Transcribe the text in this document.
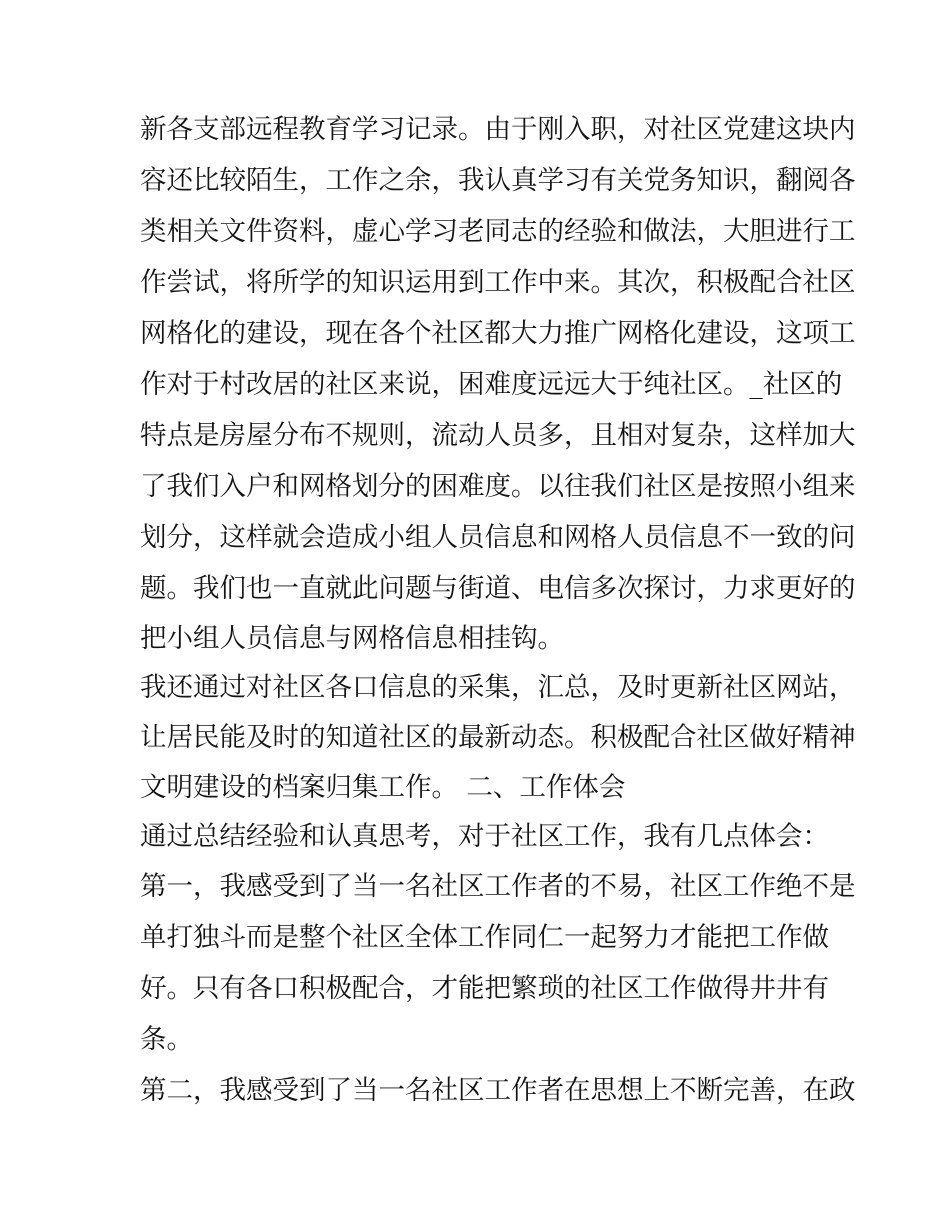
新各支部远程教育学习记录。由于刚入职，对社区党建这块内
容还比较陌生，工作之余，我认真学习有关党务知识，翻阅各
类相关文件资料，虚心学习老同志的经验和做法，大胆进行工
作尝试，将所学的知识运用到工作中来。其次，积极配合社区
网格化的建设，现在各个社区都大力推广网格化建设，这项工
作对于村改居的社区来说，困难度远远大于纯社区。_社区的
特点是房屋分布不规则，流动人员多，且相对复杂，这样加大
了我们入户和网格划分的困难度。以往我们社区是按照小组来
划分，这样就会造成小组人员信息和网格人员信息不一致的问
题。我们也一直就此问题与街道、电信多次探讨，力求更好的
把小组人员信息与网格信息相挂钩。
我还通过对社区各口信息的采集，汇总，及时更新社区网站，
让居民能及时的知道社区的最新动态。积极配合社区做好精神
文明建设的档案归集工作。 二、工作体会
通过总结经验和认真思考，对于社区工作，我有几点体会：
第一，我感受到了当一名社区工作者的不易，社区工作绝不是
单打独斗而是整个社区全体工作同仁一起努力才能把工作做
好。只有各口积极配合，才能把繁琐的社区工作做得井井有
条。
第二，我感受到了当一名社区工作者在思想上不断完善，在政
